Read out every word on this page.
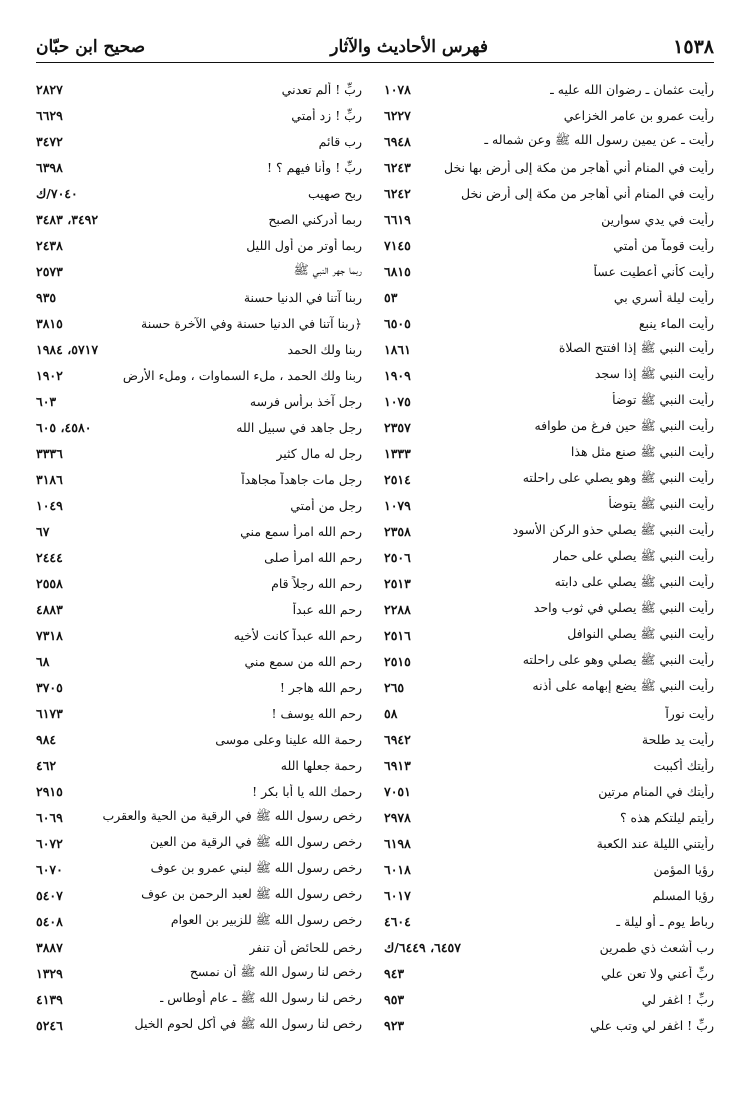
١٥٣٨
فهرس الأحاديث والآثار
صحيح ابن حبّان
رأيت عثمان ـ رضوان الله عليه ـ
١٠٧٨
رأيت عمرو بن عامر الخزاعي
٦٢٢٧
رأيت ـ عن يمين رسول الله ﷺ وعن شماله ـ
٦٩٤٨
رأيت في المنام أني أهاجر من مكة إلى أرض بها نخل
٦٢٤٣
رأيت في المنام أني أهاجر من مكة إلى أرض نخل
٦٢٤٢
رأيت في يدي سوارين
٦٦١٩
رأيت قوماً من أمتي
٧١٤٥
رأيت كأني أعطيت عساً
٦٨١٥
رأيت ليلة أسري بي
٥٣
رأيت الماء ينبع
٦٥٠٥
رأيت النبي ﷺ إذا افتتح الصلاة
١٨٦١
رأيت النبي ﷺ إذا سجد
١٩٠٩
رأيت النبي ﷺ توضأ
١٠٧٥
رأيت النبي ﷺ حين فرغ من طوافه
٢٣٥٧
رأيت النبي ﷺ صنع مثل هذا
١٣٣٣
رأيت النبي ﷺ وهو يصلي على راحلته
٢٥١٤
رأيت النبي ﷺ يتوضأ
١٠٧٩
رأيت النبي ﷺ يصلي حذو الركن الأسود
٢٣٥٨
رأيت النبي ﷺ يصلي على حمار
٢٥٠٦
رأيت النبي ﷺ يصلي على دابته
٢٥١٣
رأيت النبي ﷺ يصلي في ثوب واحد
٢٢٨٨
رأيت النبي ﷺ يصلي النوافل
٢٥١٦
رأيت النبي ﷺ يصلي وهو على راحلته
٢٥١٥
رأيت النبي ﷺ يضع إبهامه على أذنه
٢٦٥
رأيت نوراً
٥٨
رأيت يد طلحة
٦٩٤٢
رأيتك أكببت
٦٩١٣
رأيتك في المنام مرتين
٧٠٥١
رأيتم ليلتكم هذه ؟
٢٩٧٨
رأيتني الليلة عند الكعبة
٦١٩٨
رؤيا المؤمن
٦٠١٨
رؤيا المسلم
٦٠١٧
رباط يوم ـ أو ليلة ـ
٤٦٠٤
رب أشعث ذي طمرين
٦٤٥٧، ٦٤٤٩/ك
ربِّ أعني ولا تعن علي
٩٤٣
ربِّ ! اغفر لي
٩٥٣
ربِّ ! اغفر لي وتب علي
٩٢٣
ربِّ ! ألم تعدني
٢٨٢٧
ربِّ ! زد أمتي
٦٦٢٩
رب قائم
٣٤٧٢
ربِّ ! وأنا فيهم ؟ !
٦٣٩٨
ربح صهيب
٧٠٤٠/ك
ربما أدركني الصبح
٣٤٩٢، ٣٤٨٣
ربما أوتر من أول الليل
٢٤٣٨
ربما جهر النبي ﷺ
٢٥٧٣
ربنا آتنا في الدنيا حسنة
٩٣٥
﴿ربنا آتنا في الدنيا حسنة وفي الآخرة حسنة
٣٨١٥
ربنا ولك الحمد
٥٧١٧، ١٩٨٤
ربنا ولك الحمد ، ملء السماوات ، وملء الأرض
١٩٠٢
رجل آخذ برأس فرسه
٦٠٣
رجل جاهد في سبيل الله
٤٥٨٠، ٦٠٥
رجل له مال كثير
٣٣٣٦
رجل مات جاهداً مجاهداً
٣١٨٦
رجل من أمتي
١٠٤٩
رحم الله امرأ سمع مني
٦٧
رحم الله امرأ صلى
٢٤٤٤
رحم الله رجلاً قام
٢٥٥٨
رحم الله عبداً
٤٨٨٣
رحم الله عبداً كانت لأخيه
٧٣١٨
رحم الله من سمع مني
٦٨
رحم الله هاجر !
٣٧٠٥
رحم الله يوسف !
٦١٧٣
رحمة الله علينا وعلى موسى
٩٨٤
رحمة جعلها الله
٤٦٢
رحمك الله يا أبا بكر !
٢٩١٥
رخص رسول الله ﷺ في الرقية من الحية والعقرب
٦٠٦٩
رخص رسول الله ﷺ في الرقية من العين
٦٠٧٢
رخص رسول الله ﷺ لبني عمرو بن عوف
٦٠٧٠
رخص رسول الله ﷺ لعبد الرحمن بن عوف
٥٤٠٧
رخص رسول الله ﷺ للزبير بن العوام
٥٤٠٨
رخص للحائض أن تنفر
٣٨٨٧
رخص لنا رسول الله ﷺ أن نمسح
١٣٢٩
رخص لنا رسول الله ﷺ ـ عام أوطاس ـ
٤١٣٩
رخص لنا رسول الله ﷺ في أكل لحوم الخيل
٥٢٤٦
